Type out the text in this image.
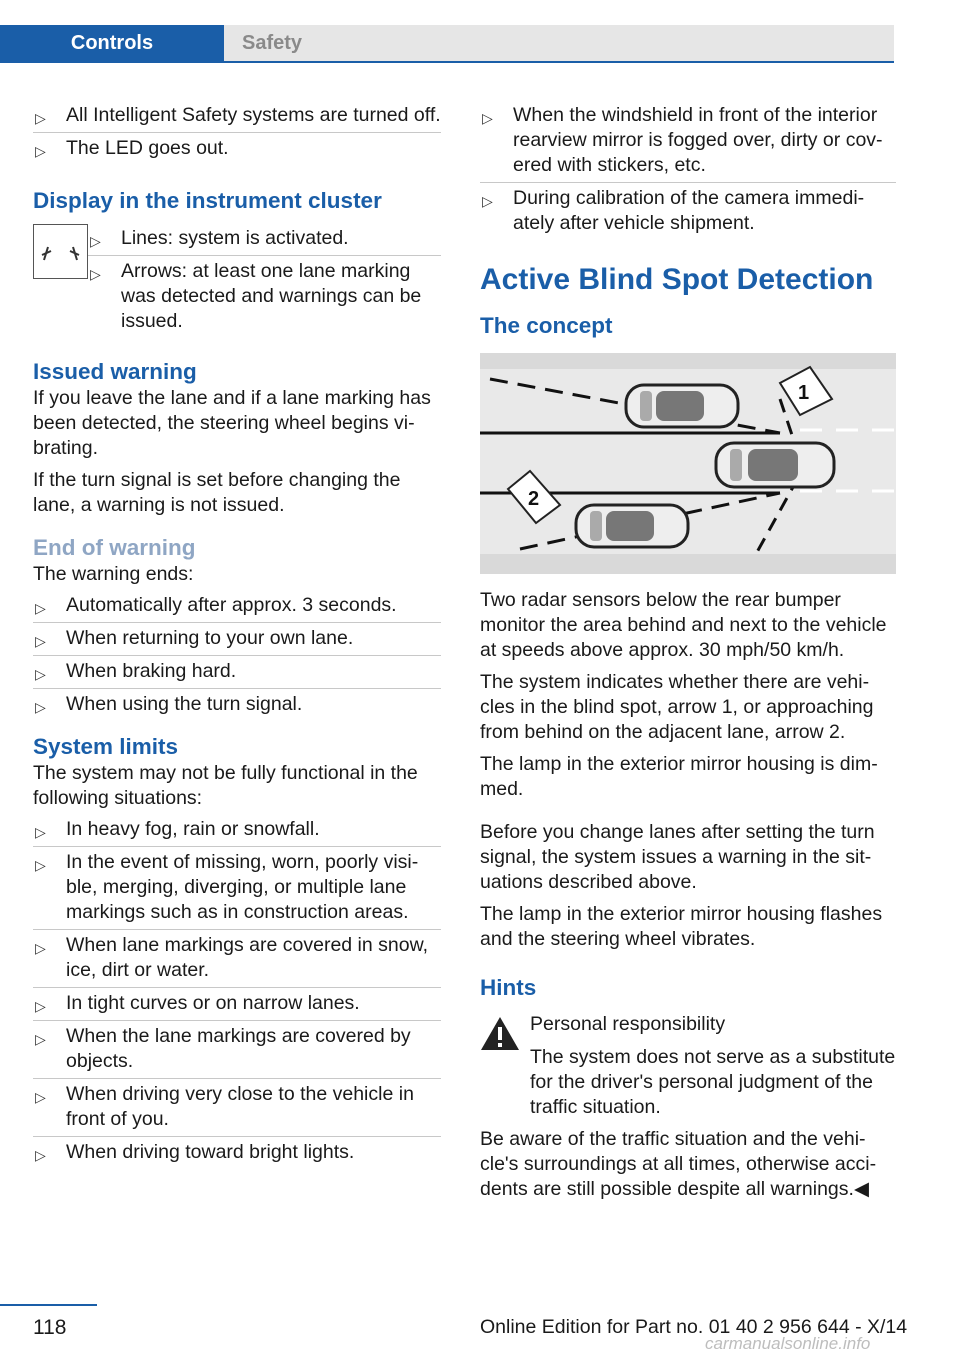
Controls	Safety
▷ All Intelligent Safety systems are turned off.
▷ The LED goes out.
Display in the instrument cluster
▷ Lines: system is activated.
▷ Arrows: at least one lane marking was detected and warnings can be issued.
Issued warning

If you leave the lane and if a lane marking has been detected, the steering wheel begins vibrating.

If the turn signal is set before changing the lane, a warning is not issued.

End of warning

The warning ends:

▷ Automatically after approx. 3 seconds.
▷ When returning to your own lane.
▷ When braking hard.
▷ When using the turn signal.
System limits

The system may not be fully functional in the following situations:

▷ In heavy fog, rain or snowfall.
▷ In the event of missing, worn, poorly visible, merging, diverging, or multiple lane markings such as in construction areas.
▷ When lane markings are covered in snow, ice, dirt or water.
▷ In tight curves or on narrow lanes.
▷ When the lane markings are covered by objects.
▷ When driving very close to the vehicle in front of you.
▷ When driving toward bright lights.
▷ When the windshield in front of the interior rearview mirror is fogged over, dirty or covered with stickers, etc.
▷ During calibration of the camera immediately after vehicle shipment.
Active Blind Spot Detection
The concept
1
2

Two radar sensors below the rear bumper monitor the area behind and next to the vehicle at speeds above approx. 30 mph/50 km/h.

The system indicates whether there are vehicles in the blind spot, arrow 1, or approaching from behind on the adjacent lane, arrow 2.

The lamp in the exterior mirror housing is dimmed.

Before you change lanes after setting the turn signal, the system issues a warning in the situations described above.

The lamp in the exterior mirror housing flashes and the steering wheel vibrates.

Hints

Personal responsibility

The system does not serve as a substitute for the driver's personal judgment of the traffic situation.

Be aware of the traffic situation and the vehicle's surroundings at all times, otherwise accidents are still possible despite all warnings.◀

118	Online Edition for Part no. 01 40 2 956 644 - X/14
carmanualsonline.info
